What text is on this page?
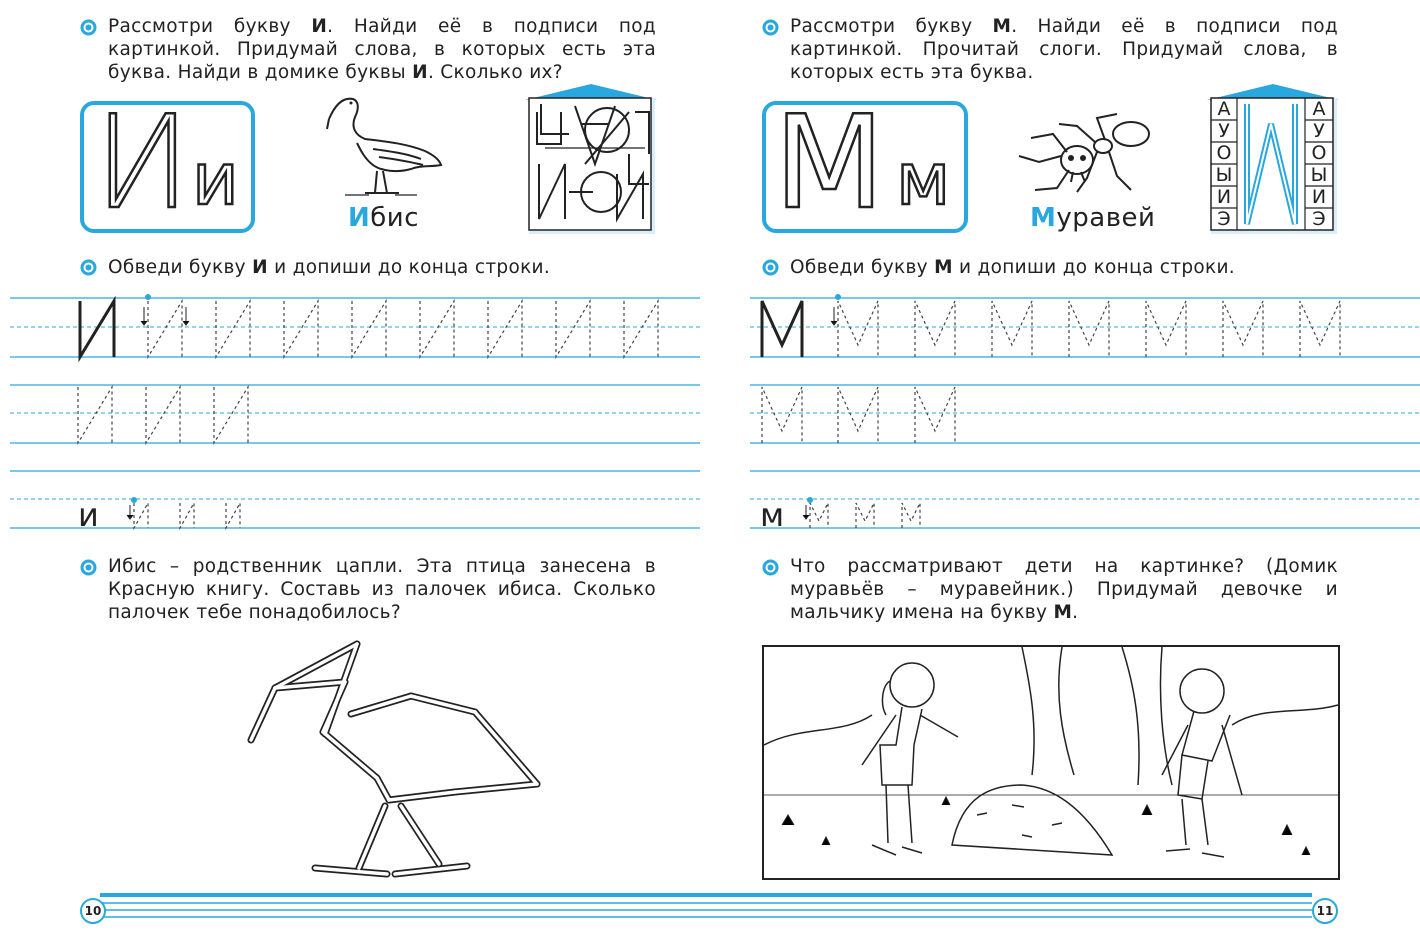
Рассмотри букву И. Найди её в подписи под картинкой. Придумай слова, в которых есть эта буква. Найди в домике буквы И. Сколько их?
И и	Ибис
Обведи букву И и допиши до конца строки.
и
Ибис – родственник цапли. Эта птица занесена в Красную книгу. Составь из палочек ибиса. Сколько палочек тебе понадобилось?
Рассмотри букву М. Найди её в подписи под картинкой. Прочитай слоги. Придумай слова, в которых есть эта буква.
М м	Муравей
А
У
О
Ы
И
Э
А
У
О
Ы
И
Э
Обведи букву М и допиши до конца строки.
м
Что рассматривают дети на картинке? (Домик муравьёв – муравейник.) Придумай девочке и мальчику имена на букву М.
10	11
